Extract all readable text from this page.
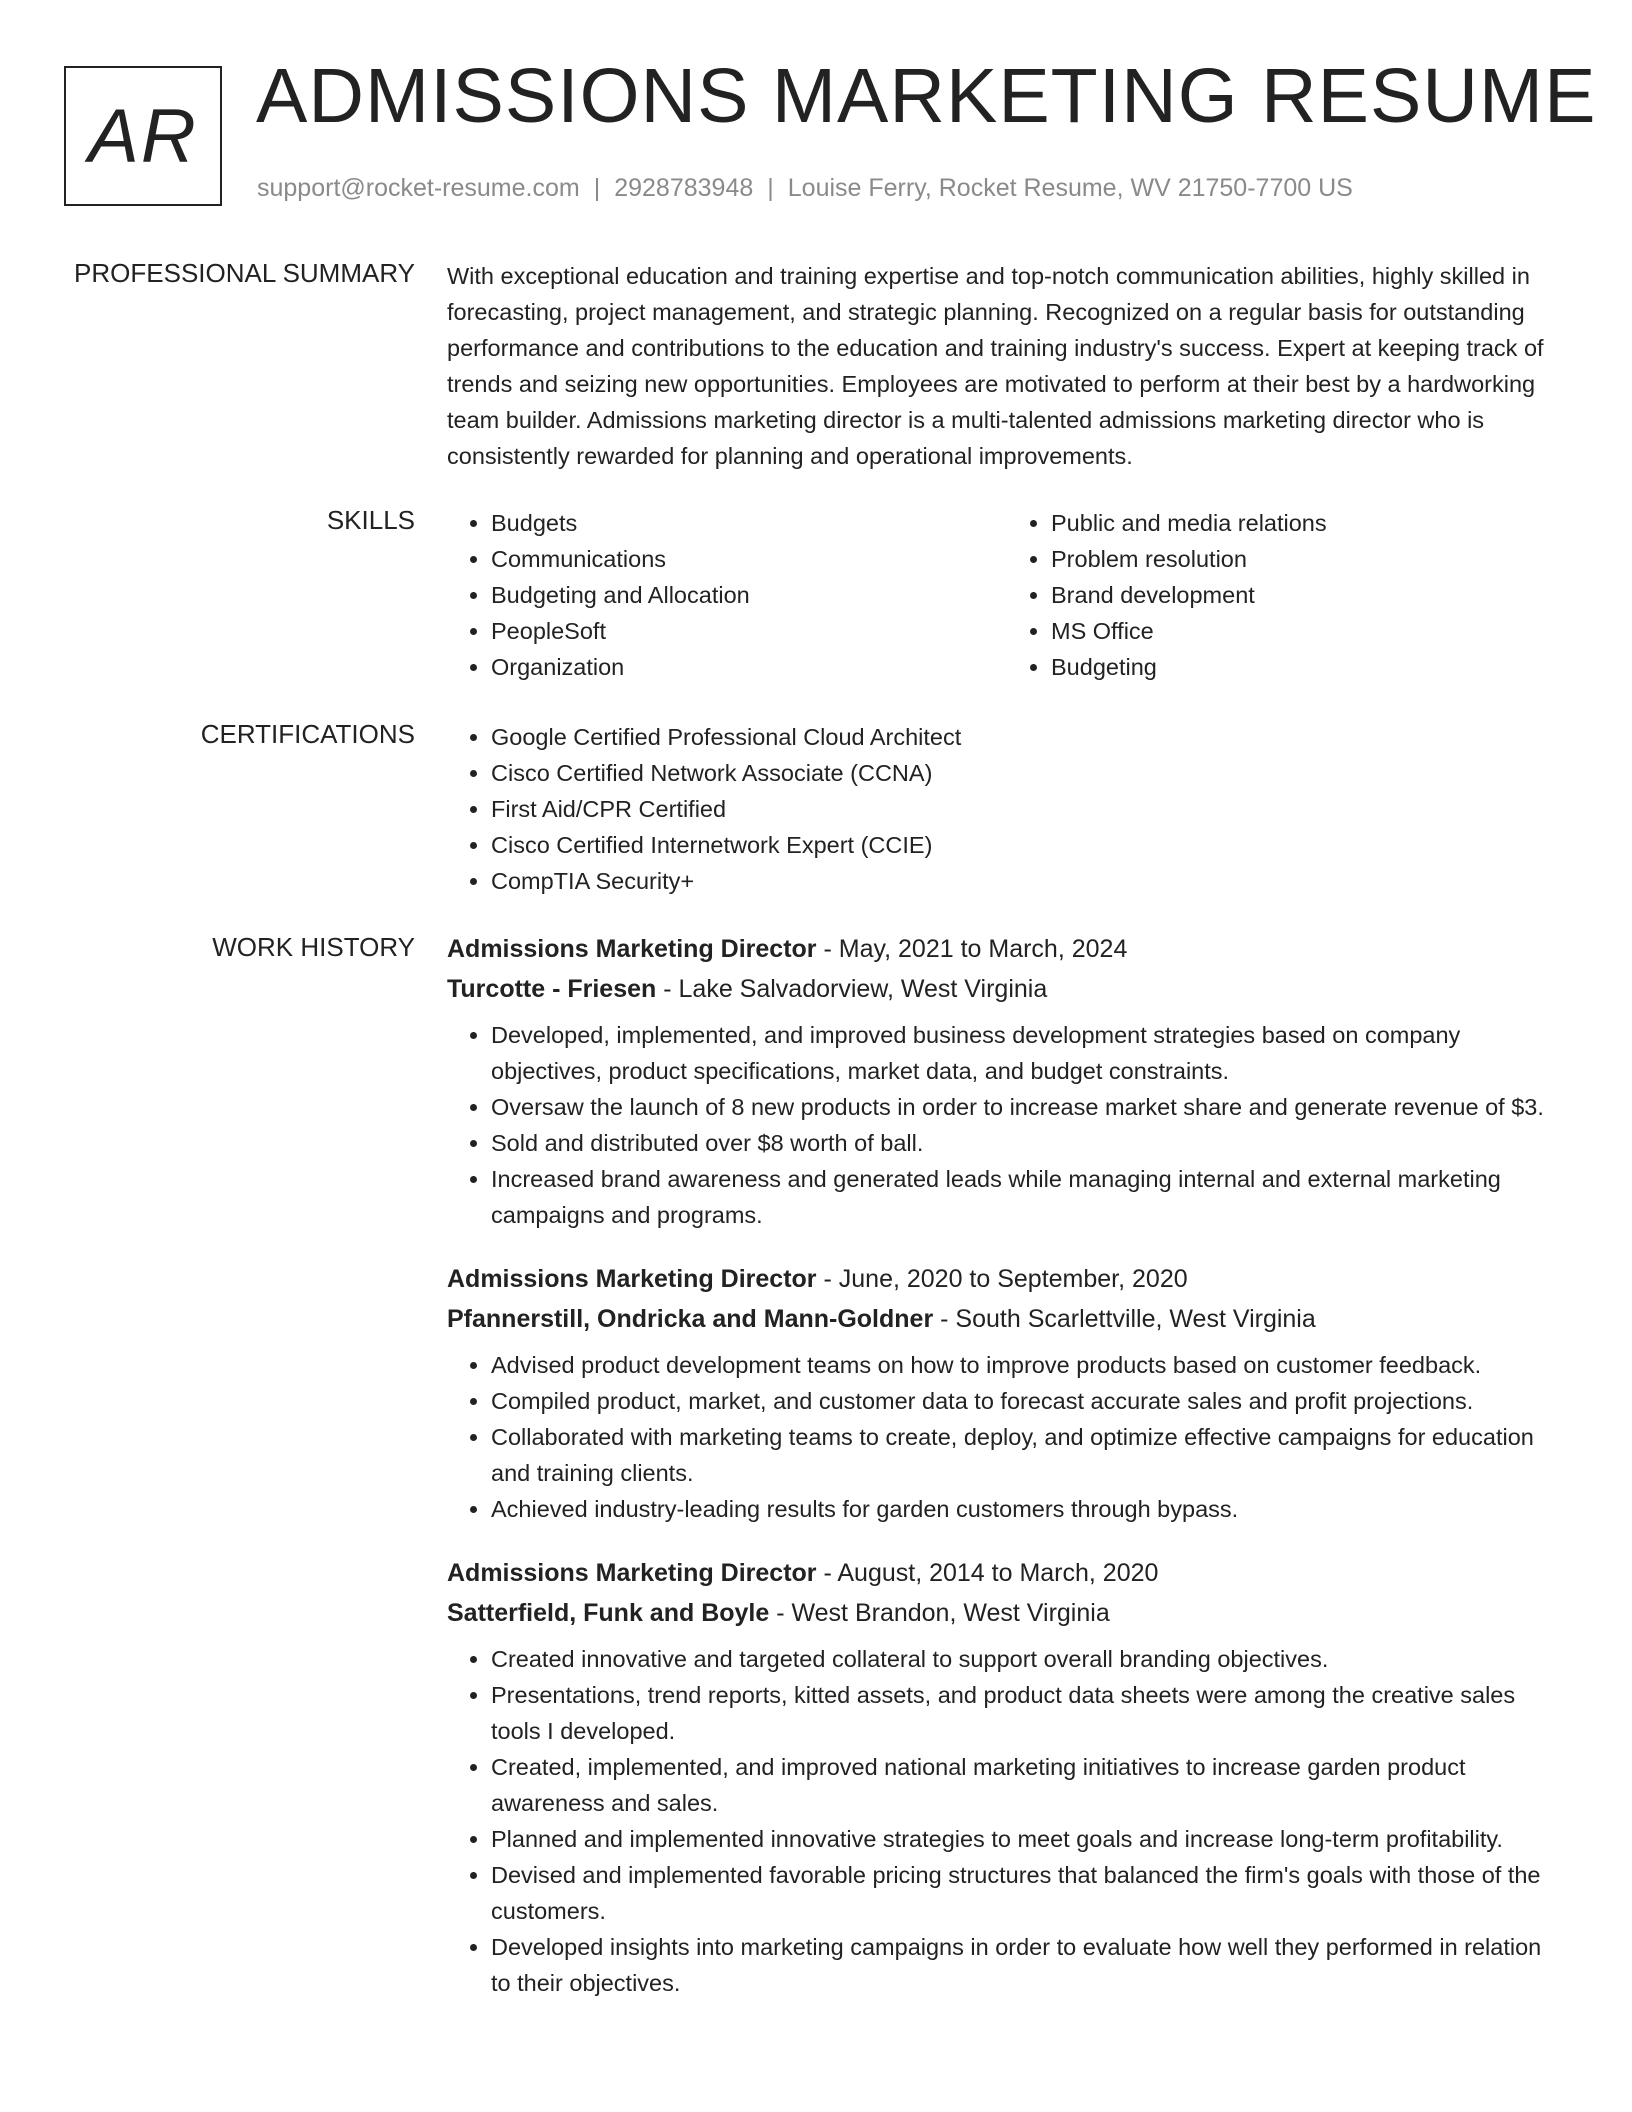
AR ADMISSIONS MARKETING RESUME
support@rocket-resume.com | 2928783948 | Louise Ferry, Rocket Resume, WV 21750-7700 US
PROFESSIONAL SUMMARY With exceptional education and training expertise and top-notch communication abilities, highly skilled in forecasting, project management, and strategic planning. Recognized on a regular basis for outstanding performance and contributions to the education and training industry's success. Expert at keeping track of trends and seizing new opportunities. Employees are motivated to perform at their best by a hardworking team builder. Admissions marketing director is a multi-talented admissions marketing director who is consistently rewarded for planning and operational improvements.

SKILLS	• Budgets
• Communications
• Budgeting and Allocation
• PeopleSoft
• Organization
• Public and media relations
• Problem resolution
• Brand development
• MS Office
• Budgeting
CERTIFICATIONS	• Google Certified Professional Cloud Architect
• Cisco Certified Network Associate (CCNA)
• First Aid/CPR Certified
• Cisco Certified Internetwork Expert (CCIE)
• CompTIA Security+
WORK HISTORY Admissions Marketing Director - May, 2021 to March, 2024
Turcotte - Friesen - Lake Salvadorview, West Virginia
• Developed, implemented, and improved business development strategies based on company objectives, product specifications, market data, and budget constraints.
• Oversaw the launch of 8 new products in order to increase market share and generate revenue of $3.
• Sold and distributed over $8 worth of ball.
• Increased brand awareness and generated leads while managing internal and external marketing campaigns and programs.
Admissions Marketing Director - June, 2020 to September, 2020
Pfannerstill, Ondricka and Mann-Goldner - South Scarlettville, West Virginia
• Advised product development teams on how to improve products based on customer feedback.
• Compiled product, market, and customer data to forecast accurate sales and profit projections.
• Collaborated with marketing teams to create, deploy, and optimize effective campaigns for education and training clients.
• Achieved industry-leading results for garden customers through bypass.
Admissions Marketing Director - August, 2014 to March, 2020
Satterfield, Funk and Boyle - West Brandon, West Virginia
• Created innovative and targeted collateral to support overall branding objectives.
• Presentations, trend reports, kitted assets, and product data sheets were among the creative sales tools I developed.
• Created, implemented, and improved national marketing initiatives to increase garden product awareness and sales.
• Planned and implemented innovative strategies to meet goals and increase long-term profitability.
• Devised and implemented favorable pricing structures that balanced the firm's goals with those of the customers.
• Developed insights into marketing campaigns in order to evaluate how well they performed in relation to their objectives.
